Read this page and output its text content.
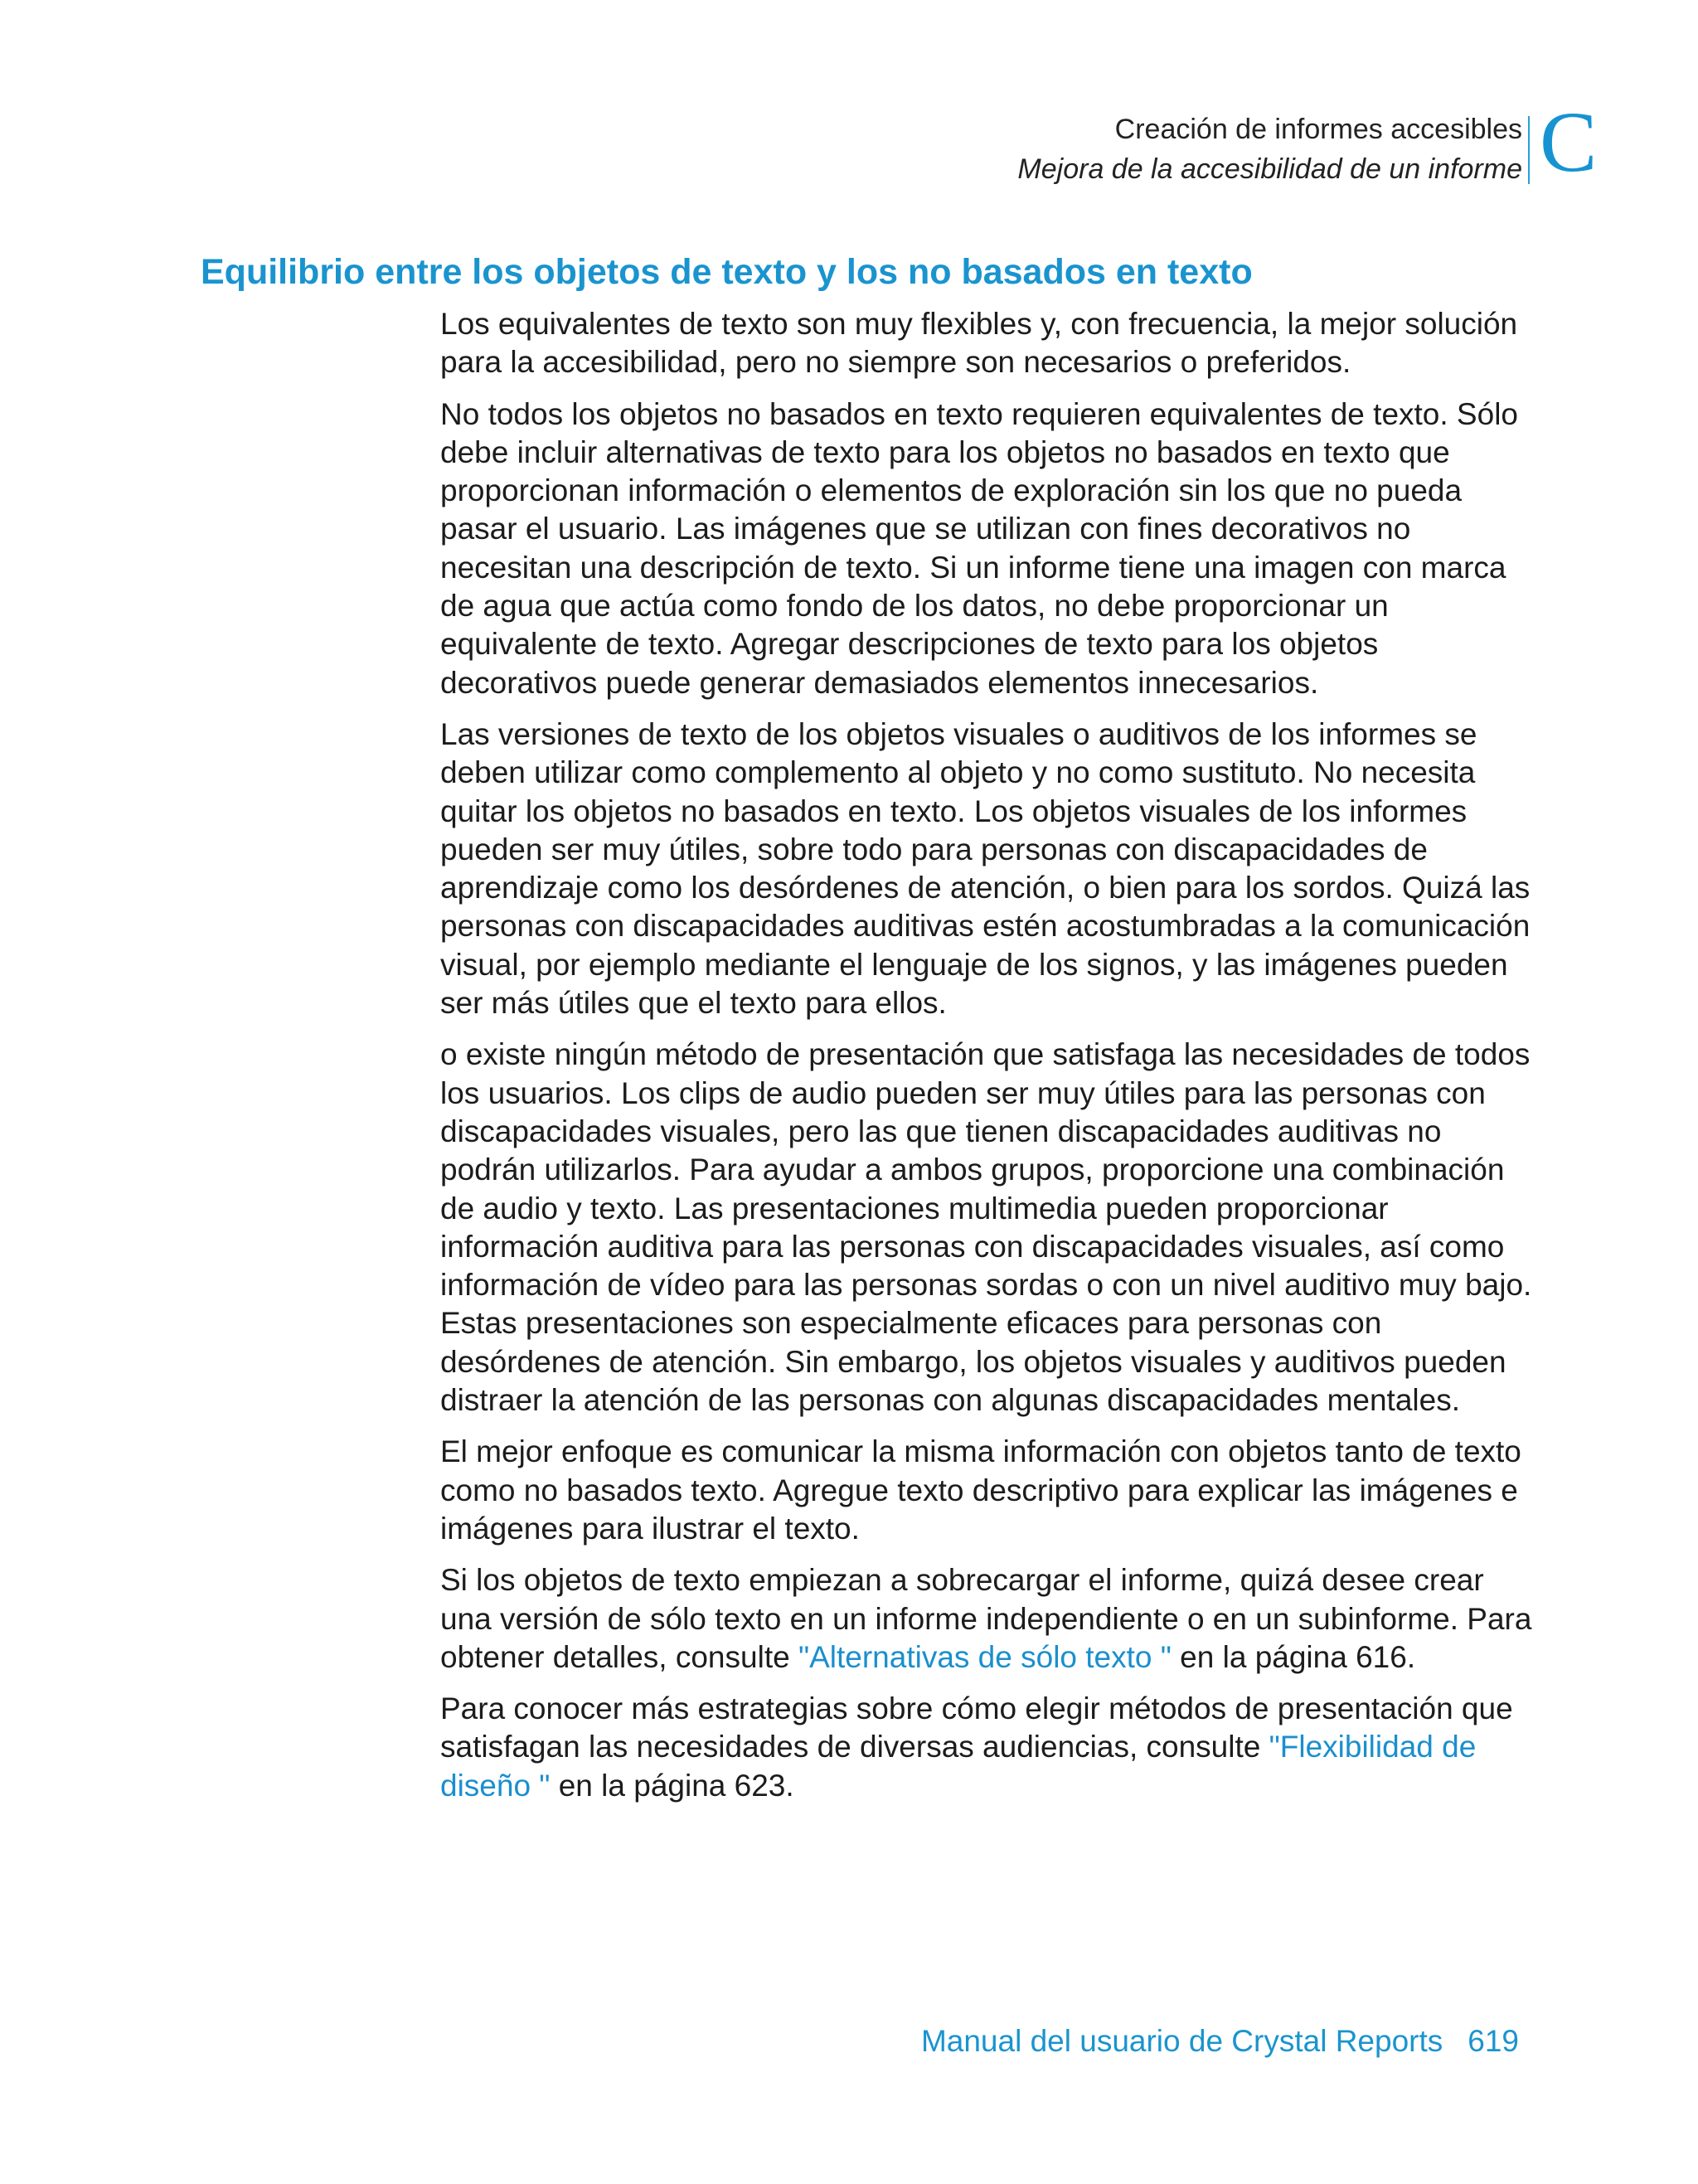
Creación de informes accesibles
Mejora de la accesibilidad de un informe C
Equilibrio entre los objetos de texto y los no basados en texto

Los equivalentes de texto son muy flexibles y, con frecuencia, la mejor solución para la accesibilidad, pero no siempre son necesarios o preferidos.

No todos los objetos no basados en texto requieren equivalentes de texto. Sólo debe incluir alternativas de texto para los objetos no basados en texto que proporcionan información o elementos de exploración sin los que no pueda pasar el usuario. Las imágenes que se utilizan con fines decorativos no necesitan una descripción de texto. Si un informe tiene una imagen con marca de agua que actúa como fondo de los datos, no debe proporcionar un equivalente de texto. Agregar descripciones de texto para los objetos decorativos puede generar demasiados elementos innecesarios.

Las versiones de texto de los objetos visuales o auditivos de los informes se deben utilizar como complemento al objeto y no como sustituto. No necesita quitar los objetos no basados en texto. Los objetos visuales de los informes pueden ser muy útiles, sobre todo para personas con discapacidades de aprendizaje como los desórdenes de atención, o bien para los sordos. Quizá las personas con discapacidades auditivas estén acostumbradas a la comunicación visual, por ejemplo mediante el lenguaje de los signos, y las imágenes pueden ser más útiles que el texto para ellos.

o existe ningún método de presentación que satisfaga las necesidades de todos los usuarios. Los clips de audio pueden ser muy útiles para las personas con discapacidades visuales, pero las que tienen discapacidades auditivas no podrán utilizarlos. Para ayudar a ambos grupos, proporcione una combinación de audio y texto. Las presentaciones multimedia pueden proporcionar información auditiva para las personas con discapacidades visuales, así como información de vídeo para las personas sordas o con un nivel auditivo muy bajo. Estas presentaciones son especialmente eficaces para personas con desórdenes de atención. Sin embargo, los objetos visuales y auditivos pueden distraer la atención de las personas con algunas discapacidades mentales.

El mejor enfoque es comunicar la misma información con objetos tanto de texto como no basados texto. Agregue texto descriptivo para explicar las imágenes e imágenes para ilustrar el texto.

Si los objetos de texto empiezan a sobrecargar el informe, quizá desee crear una versión de sólo texto en un informe independiente o en un subinforme. Para obtener detalles, consulte "Alternativas de sólo texto " en la página 616.

Para conocer más estrategias sobre cómo elegir métodos de presentación que satisfagan las necesidades de diversas audiencias, consulte "Flexibilidad de diseño " en la página 623.

Manual del usuario de Crystal Reports 619
